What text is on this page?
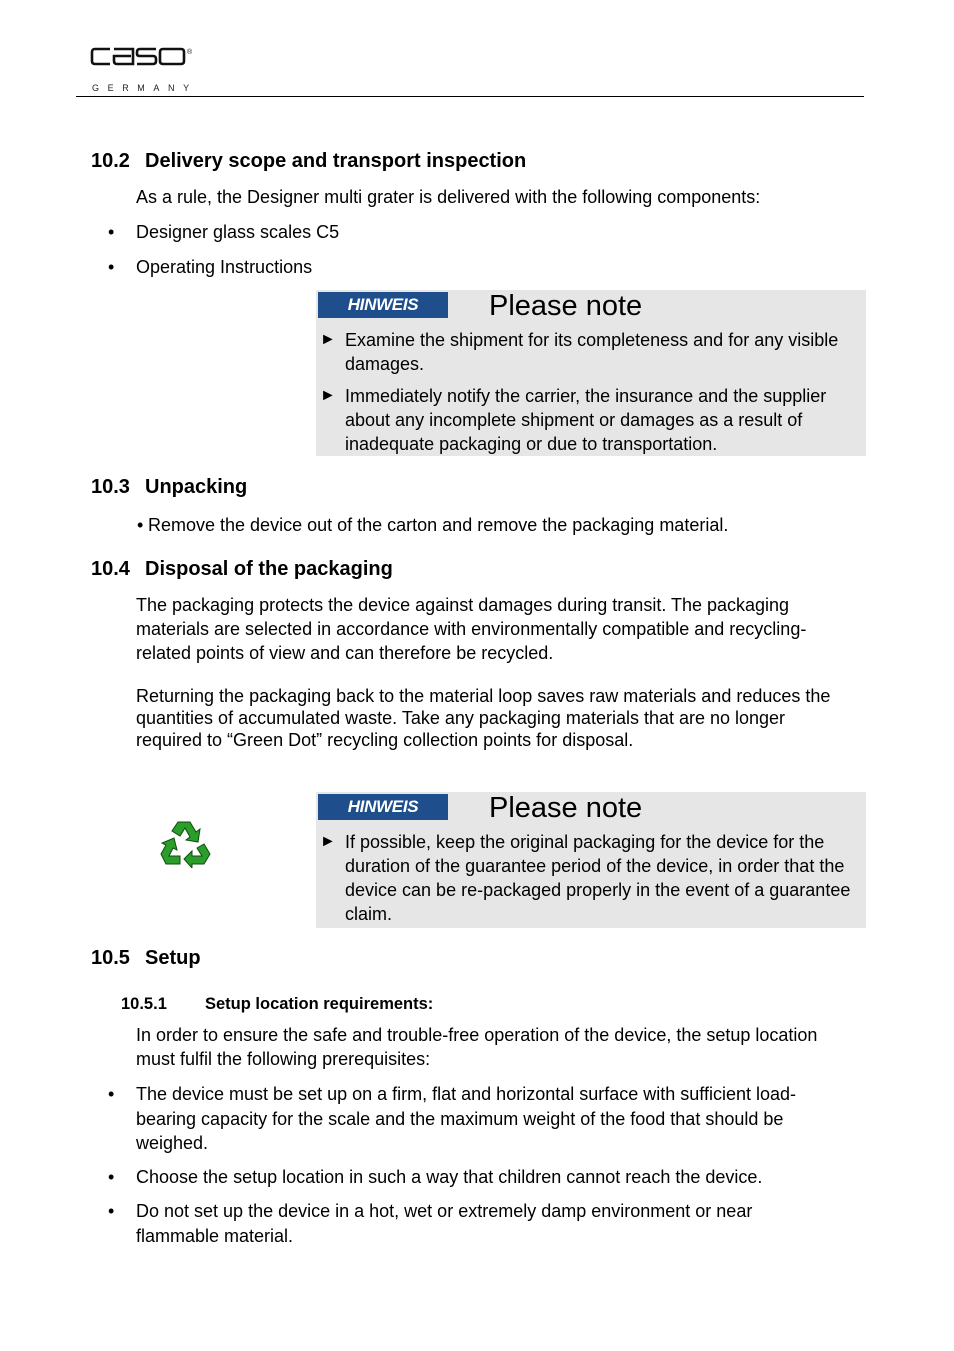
®
GERMANY
10.2 Delivery scope and transport inspection

As a rule, the Designer multi grater is delivered with the following components:

• Designer glass scales C5
• Operating Instructions
HINWEIS	Please note
► Examine the shipment for its completeness and for any visible damages.
► Immediately notify the carrier, the insurance and the supplier about any incomplete shipment or damages as a result of inadequate packaging or due to transportation.
10.3 Unpacking
• Remove the device out of the carton and remove the packaging material.
10.4 Disposal of the packaging

The packaging protects the device against damages during transit. The packaging materials are selected in accordance with environmentally compatible and recycling-related points of view and can therefore be recycled.

Returning the packaging back to the material loop saves raw materials and reduces the quantities of accumulated waste. Take any packaging materials that are no longer required to “Green Dot” recycling collection points for disposal.

HINWEIS	Please note
► If possible, keep the original packaging for the device for the duration of the guarantee period of the device, in order that the device can be re-packaged properly in the event of a guarantee claim.
10.5 Setup
10.5.1 Setup location requirements:

In order to ensure the safe and trouble-free operation of the device, the setup location must fulfil the following prerequisites:

• The device must be set up on a firm, flat and horizontal surface with sufficient load-bearing capacity for the scale and the maximum weight of the food that should be weighed.
• Choose the setup location in such a way that children cannot reach the device.
• Do not set up the device in a hot, wet or extremely damp environment or near flammable material.
